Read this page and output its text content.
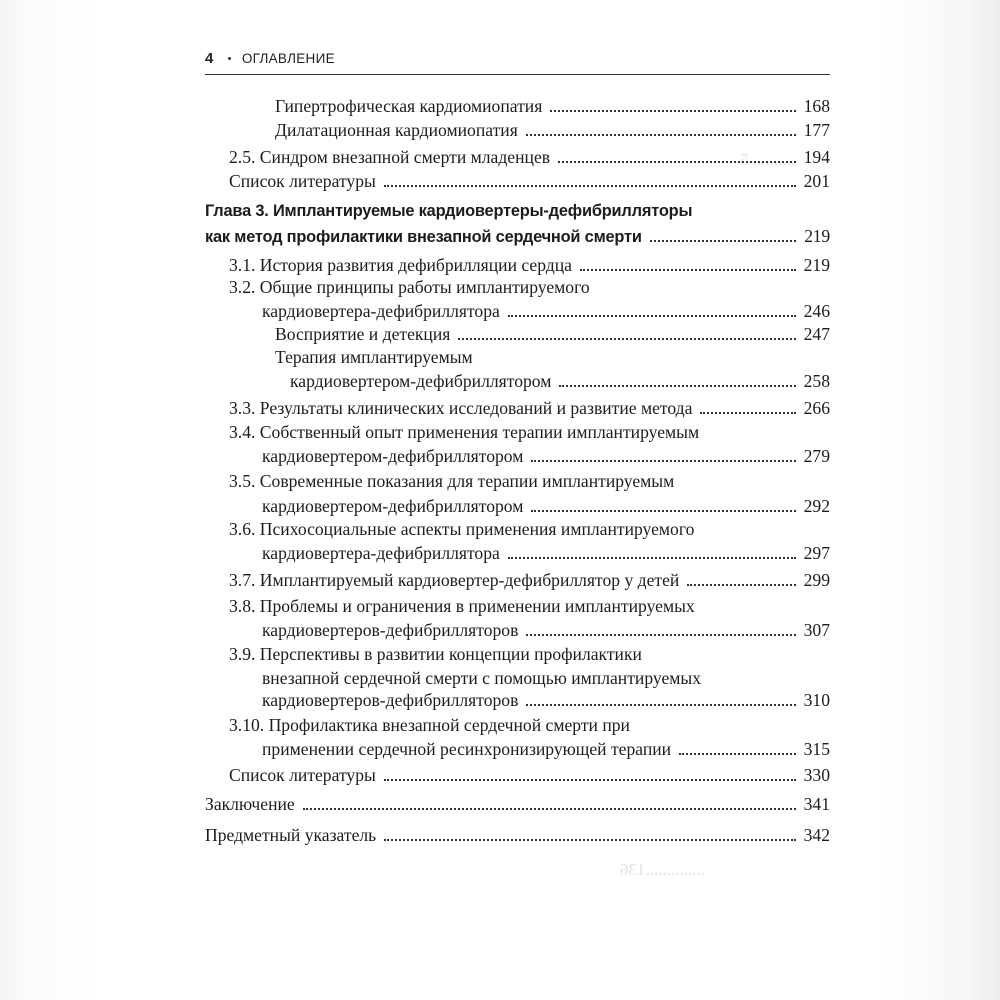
.......... 5
..............136
4 • ОГЛАВЛЕНИЕ
Гипертрофическая кардиомиопатия	168
Дилатационная кардиомиопатия	177
2.5. Синдром внезапной смерти младенцев	194
Список литературы	201
Глава 3. Имплантируемые кардиовертеры-дефибрилляторы
как метод профилактики внезапной сердечной смерти	219
3.1. История развития дефибрилляции сердца	219
3.2. Общие принципы работы имплантируемого
кардиовертера-дефибриллятора	246
Восприятие и детекция	247
Терапия имплантируемым
кардиовертером-дефибриллятором	258
3.3. Результаты клинических исследований и развитие метода	266
3.4. Собственный опыт применения терапии имплантируемым
кардиовертером-дефибриллятором	279
3.5. Современные показания для терапии имплантируемым
кардиовертером-дефибриллятором	292
3.6. Психосоциальные аспекты применения имплантируемого
кардиовертера-дефибриллятора	297
3.7. Имплантируемый кардиовертер-дефибриллятор у детей	299
3.8. Проблемы и ограничения в применении имплантируемых
кардиовертеров-дефибрилляторов	307
3.9. Перспективы в развитии концепции профилактики
внезапной сердечной смерти с помощью имплантируемых
кардиовертеров-дефибрилляторов	310
3.10. Профилактика внезапной сердечной смерти при
применении сердечной ресинхронизирующей терапии	315
Список литературы	330
Заключение	341
Предметный указатель	342
